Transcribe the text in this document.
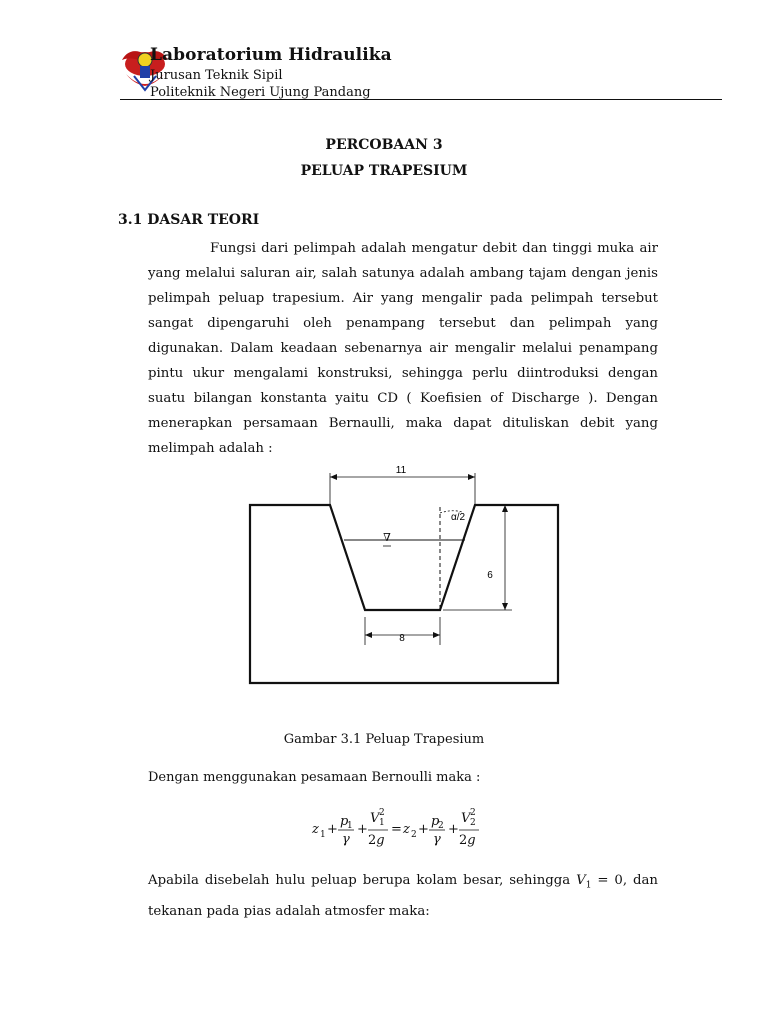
Laboratorium Hidraulika
Jurusan Teknik Sipil
Politeknik Negeri Ujung Pandang
PERCOBAAN 3
PELUAP TRAPESIUM
3.1 DASAR TEORI
Fungsi dari pelimpah adalah mengatur debit dan tinggi muka air yang melalui saluran air, salah satunya adalah ambang tajam dengan jenis pelimpah peluap trapesium. Air yang mengalir pada pelimpah tersebut sangat dipengaruhi oleh penampang tersebut dan pelimpah yang digunakan. Dalam keadaan sebenarnya air mengalir melalui penampang pintu ukur mengalami konstruksi, sehingga perlu diintroduksi dengan suatu bilangan konstanta yaitu CD ( Koefisien of Discharge ). Dengan menerapkan persamaan Bernaulli, maka dapat dituliskan debit yang melimpah adalah :
∇
11
8
6
α/2
Gambar 3.1 Peluap Trapesium
Dengan menggunakan pesamaan Bernoulli maka :
z 1 +
p
1
γ
+
V 2
1
2g
= z 2 +
p
2
γ
+
V 2
2
2g
Apabila disebelah hulu peluap berupa kolam besar, sehingga $V_1 = 0$, dan tekanan pada pias adalah atmosfer maka:
